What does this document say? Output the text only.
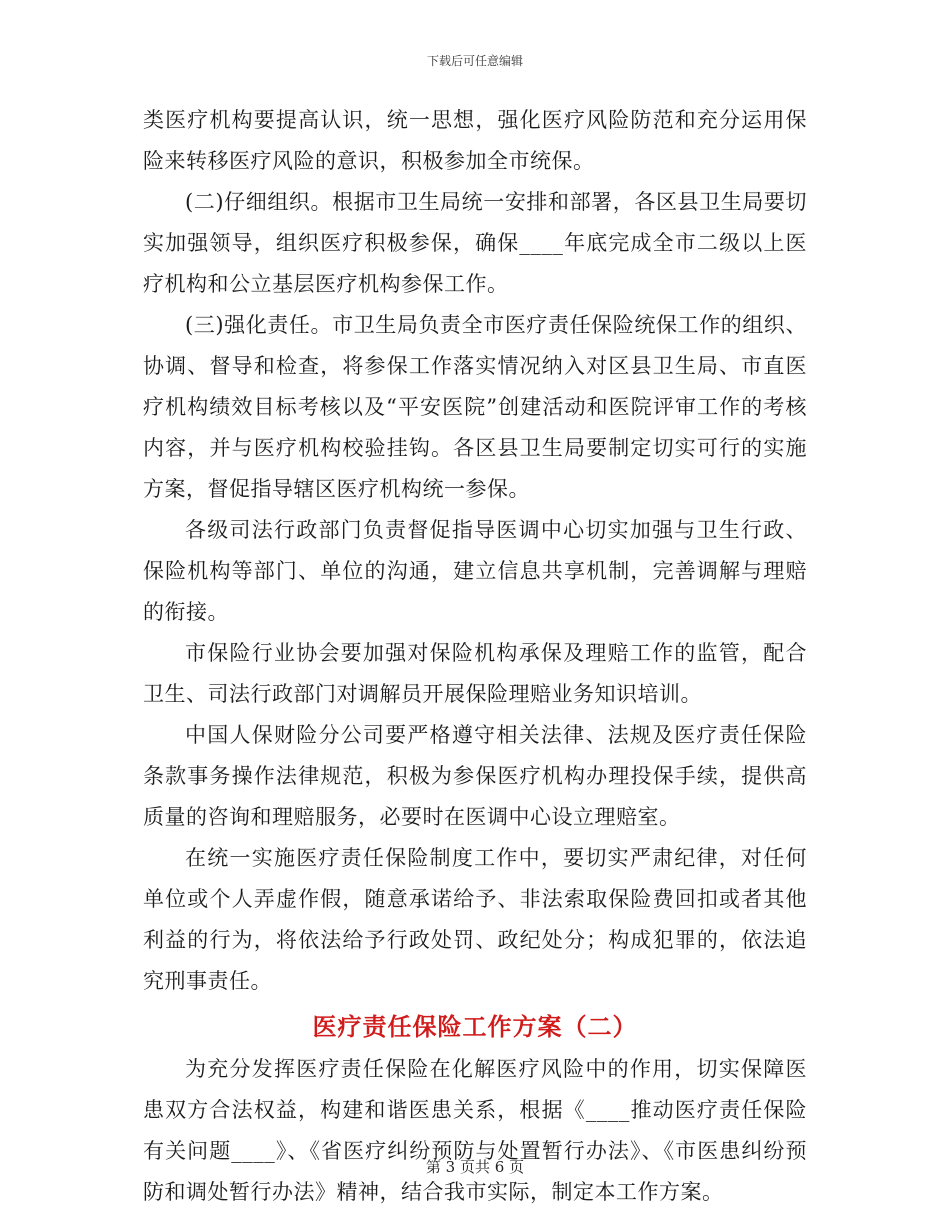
下载后可任意编辑

类医疗机构要提高认识，统一思想，强化医疗风险防范和充分运用保险来转移医疗风险的意识，积极参加全市统保。

(二)仔细组织。根据市卫生局统一安排和部署，各区县卫生局要切实加强领导，组织医疗积极参保，确保____年底完成全市二级以上医疗机构和公立基层医疗机构参保工作。

(三)强化责任。市卫生局负责全市医疗责任保险统保工作的组织、协调、督导和检查，将参保工作落实情况纳入对区县卫生局、市直医疗机构绩效目标考核以及“平安医院”创建活动和医院评审工作的考核内容，并与医疗机构校验挂钩。各区县卫生局要制定切实可行的实施方案，督促指导辖区医疗机构统一参保。

各级司法行政部门负责督促指导医调中心切实加强与卫生行政、保险机构等部门、单位的沟通，建立信息共享机制，完善调解与理赔的衔接。

市保险行业协会要加强对保险机构承保及理赔工作的监管，配合卫生、司法行政部门对调解员开展保险理赔业务知识培训。

中国人保财险分公司要严格遵守相关法律、法规及医疗责任保险条款事务操作法律规范，积极为参保医疗机构办理投保手续，提供高质量的咨询和理赔服务，必要时在医调中心设立理赔室。

在统一实施医疗责任保险制度工作中，要切实严肃纪律，对任何单位或个人弄虚作假，随意承诺给予、非法索取保险费回扣或者其他利益的行为，将依法给予行政处罚、政纪处分；构成犯罪的，依法追究刑事责任。

医疗责任保险工作方案（二）

为充分发挥医疗责任保险在化解医疗风险中的作用，切实保障医患双方合法权益，构建和谐医患关系，根据《____推动医疗责任保险有关问题____》、《省医疗纠纷预防与处置暂行办法》、《市医患纠纷预防和调处暂行办法》精神，结合我市实际，制定本工作方案。

第 3 页共 6 页
